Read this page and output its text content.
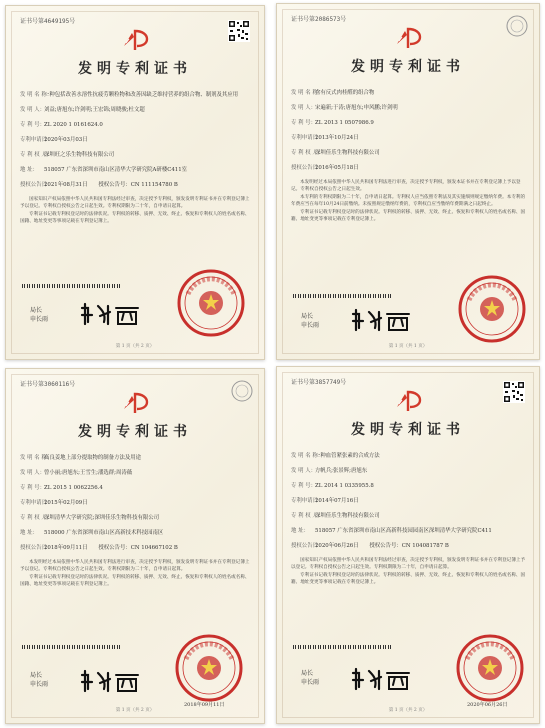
证书号第4649195号
发明专利证书
发 明 名 称：
一种包括改善水溶性抗疲劳颗粒物和改善因缺乏维持营养的组合物、制剂及其应用
发 明 人： 刘益;唐旭东;许剑明;王宏锦;周晓骏;杜文超
专 利 号： ZL 2020 1 0161624.0
专利申请日：
2020年03月03日
专 利 权 人：
深圳旺之乐生物科技有限公司
地 址：	518057 广东省深圳市南山区清华大学研究院A研楼C411室
授权公告日：
2021年08月31日　　授权公告号：CN 111154780 B

国家知识产权局依照中华人民共和国专利法经过审查，决定授予专利权，颁发发明专利证书并在专利登记簿上予以登记。专利权自授权公告之日起生效。专利权期限为二十年，自申请日起算。

专利证书记载专利权登记时的法律状况。专利权的转移、质押、无效、终止、恢复和专利权人的姓名或名称、国籍、地址变更等事项记载在专利登记簿上。

局长
申长雨
第 1 页（共 2 页）
证书号第2086573号
发明专利证书
发 明 名 称：
含有反式肉桂醛的组合物
发 明 人： 宋遍新;于涛;唐旭东;申风鹏;许剑明
专 利 号： ZL 2013 1 0507986.9
专利申请日：
2013年10月24日
专 利 权 人：
深圳佳乐生物科技有限公司
授权公告日：
2016年05月18日

本发明经过本局依照中华人民共和国专利法进行审查，决定授予专利权，颁发本证书并在专利登记簿上予以登记。专利权自授权公告之日起生效。

本专利的专利权期限为二十年，自申请日起算。专利权人应当依照专利法及其实施细则规定缴纳年费。本专利的年费应当在每年10月24日前缴纳。未按照规定缴纳年费的，专利权自应当缴纳年费期满之日起终止。

专利证书记载专利权登记时的法律状况。专利权的转移、质押、无效、终止、恢复和专利权人的姓名或名称、国籍、地址变更等事项记载在专利登记簿上。

局长
申长雨
第 1 页（共 1 页）
证书号第3060116号
发明专利证书
发 明 名 称：
高良姜地上部分提取物的制备方法及用途
发 明 人： 曾小丽;唐旭东;王雪生;潘选群;周涛薇
专 利 号： ZL 2015 1 0062256.4
专利申请日：
2015年02月09日
专 利 权 人：
深圳清华大学研究院;深圳佳乐生物科技有限公司
地 址：	518000 广东省深圳市南山区高新技术科技园南区
授权公告日：
2018年09月11日　　授权公告号：CN 104667102 B

本发明经过本局依照中华人民共和国专利法进行审查，决定授予专利权，颁发发明专利证书并在专利登记簿上予以登记。专利权自授权公告之日起生效。专利权期限为二十年，自申请日起算。

专利证书记载专利权登记时的法律状况。专利权的转移、质押、无效、终止、恢复和专利权人的姓名或名称、国籍、地址变更等事项记载在专利登记簿上。

局长
申长雨
2018年09月11日
第 1 页（共 2 页）
证书号第3857749号
发明专利证书
发 明 名 称：
一种血管紧张素的合成方法
发 明 人： 方帆兵;张景辉;唐旭东
专 利 号： ZL 2014 1 0335955.8
专利申请日：
2014年07月16日
专 利 权 人：
深圳佳乐生物科技有限公司
地 址：	518057 广东省深圳市南山区高新科技园园南区深圳清华大学研究院C411
授权公告日：
2020年06月26日　　授权公告号：CN 104081787 B

国家知识产权局依照中华人民共和国专利法经过审查，决定授予专利权，颁发发明专利证书并在专利登记簿上予以登记。专利权自授权公告之日起生效。专利权期限为二十年，自申请日起算。

专利证书记载专利权登记时的法律状况。专利权的转移、质押、无效、终止、恢复和专利权人的姓名或名称、国籍、地址变更等事项记载在专利登记簿上。

局长
申长雨
2020年06月26日
第 1 页（共 2 页）
